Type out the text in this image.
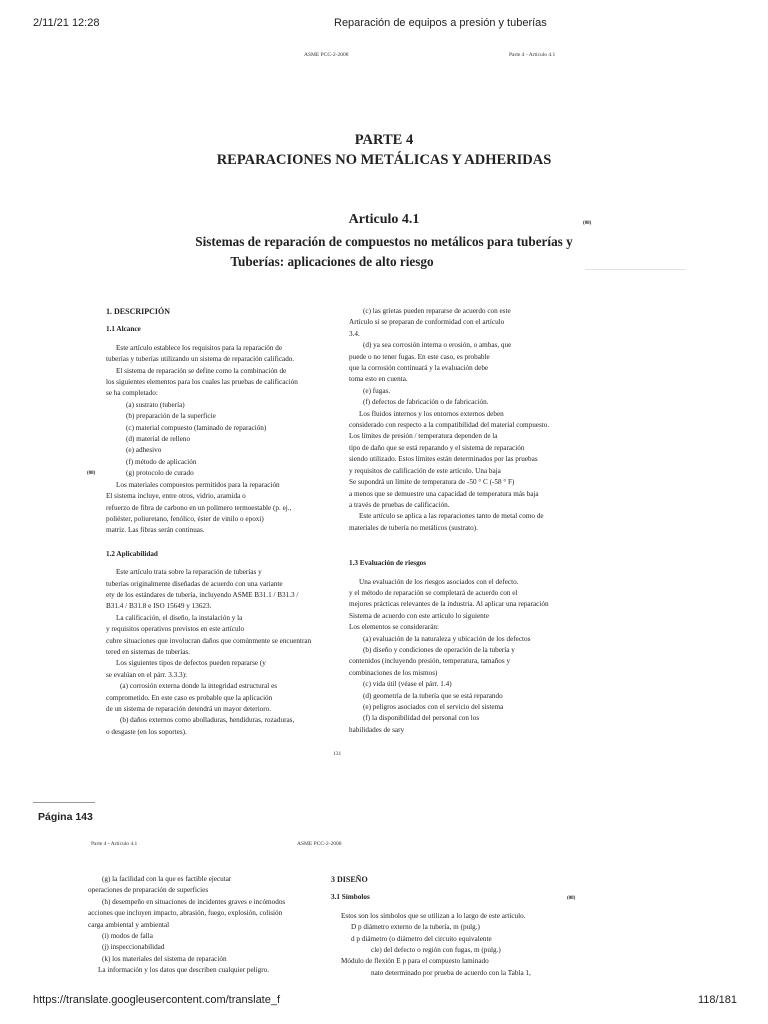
2/11/21 12:28	Reparación de equipos a presión y tuberías
ASME PCC-2-2008	Parte 4 - Artículo 4.1
PARTE 4
REPARACIONES NO METÁLICAS Y ADHERIDAS
Articulo 4.1	(08)
Sistemas de reparación de compuestos no metálicos para tuberías y
Tuberías: aplicaciones de alto riesgo
(08)
1. DESCRIPCIÓN
1.1 Alcance
Este artículo establece los requisitos para la reparación de
tuberías y tuberías utilizando un sistema de reparación calificado.
El sistema de reparación se define como la combinación de
los siguientes elementos para los cuales las pruebas de calificación
se ha completado:
(a) sustrato (tubería)
(b) preparación de la superficie
(c) material compuesto (laminado de reparación)
(d) material de relleno
(e) adhesivo
(f) método de aplicación
(g) protocolo de curado
Los materiales compuestos permitidos para la reparación
El sistema incluye, entre otros, vidrio, aramida o
refuerzo de fibra de carbono en un polímero termoestable (p. ej.,
poliéster, poliuretano, fenólico, éster de vinilo o epoxi)
matriz. Las fibras serán continuas.
1.2 Aplicabilidad
Este artículo trata sobre la reparación de tuberías y
tuberías originalmente diseñadas de acuerdo con una variante
ety de los estándares de tubería, incluyendo ASME B31.1 / B31.3 /
B31.4 / B31.8 e ISO 15649 y 13623.
La calificación, el diseño, la instalación y la
y requisitos operativos previstos en este artículo
cubre situaciones que involucran daños que comúnmente se encuentran
tered en sistemas de tuberías.
Los siguientes tipos de defectos pueden repararse (y
se evalúan en el párr. 3.3.3):
(a) corrosión externa donde la integridad estructural es
comprometido. En este caso es probable que la aplicación
de un sistema de reparación detendrá un mayor deterioro.
(b) daños externos como abolladuras, hendiduras, rozaduras,
o desgaste (en los soportes).
(c) las grietas pueden repararse de acuerdo con este
Artículo si se preparan de conformidad con el artículo
3.4.
(d) ya sea corrosión interna o erosión, o ambas, que
puede o no tener fugas. En este caso, es probable
que la corrosión continuará y la evaluación debe
toma esto en cuenta.
(e) fugas.
(f) defectos de fabricación o de fabricación.
Los fluidos internos y los entornos externos deben
considerado con respecto a la compatibilidad del material compuesto.
Los límites de presión / temperatura dependen de la
tipo de daño que se está reparando y el sistema de reparación
siendo utilizado. Estos límites están determinados por las pruebas
y requisitos de calificación de este artículo. Una baja
Se supondrá un límite de temperatura de -50 ° C (-58 ° F)
a menos que se demuestre una capacidad de temperatura más baja
a través de pruebas de calificación.
Este artículo se aplica a las reparaciones tanto de metal como de
materiales de tubería no metálicos (sustrato).
1.3 Evaluación de riesgos
Una evaluación de los riesgos asociados con el defecto.
y el método de reparación se completará de acuerdo con el
mejores prácticas relevantes de la industria. Al aplicar una reparación
Sistema de acuerdo con este artículo lo siguiente
Los elementos se considerarán:
(a) evaluación de la naturaleza y ubicación de los defectos
(b) diseño y condiciones de operación de la tubería y
contenidos (incluyendo presión, temperatura, tamaños y
combinaciones de los mismos)
(c) vida útil (véase el párr. 1.4)
(d) geometría de la tubería que se está reparando
(e) peligros asociados con el servicio del sistema
(f) la disponibilidad del personal con los
habilidades de sary
131
Página 143
Parte 4 - Artículo 4.1	ASME PCC-2-2008
(08)
(g) la facilidad con la que es factible ejecutar
operaciones de preparación de superficies
(h) desempeño en situaciones de incidentes graves e incómodos
acciones que incluyen impacto, abrasión, fuego, explosión, colisión
carga ambiental y ambiental
(i) modos de falla
(j) inspeccionabilidad
(k) los materiales del sistema de reparación
La información y los datos que describen cualquier peligro.
3 DISEÑO
3.1 Símbolos
Estos son los símbolos que se utilizan a lo largo de este artículo.
D p diámetro externo de la tubería, m (pulg.)
d p diámetro (o diámetro del circuito equivalente
cle) del defecto o región con fugas, m (pulg.)
Módulo de flexión E p para el compuesto laminado
nato determinado por prueba de acuerdo con la Tabla 1,
https://translate.googleusercontent.com/translate_f	118/181
